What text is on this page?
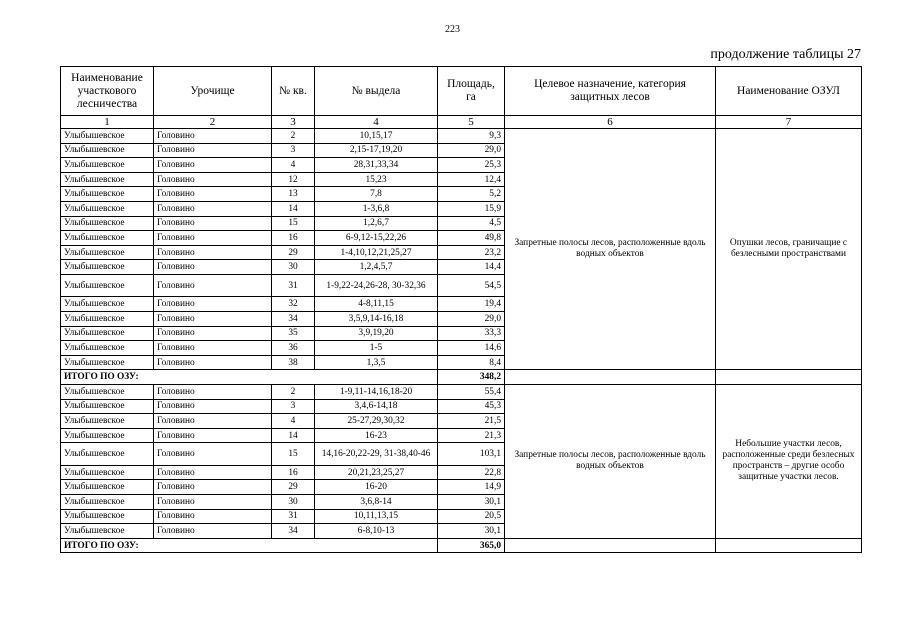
223
продолжение таблицы 27
Наименование участкового лесничества	Урочище	№ кв.	№ выдела	Площадь, га	Целевое назначение, категория защитных лесов	Наименование ОЗУЛ
1	2	3	4	5	6	7
Улыбышевское	Головино	2	10,15,17	9,3	Запретные полосы лесов, расположенные вдоль водных объектов	Опушки лесов, граничащие с безлесными пространствами
Улыбышевское	Головино	3	2,15-17,19,20	29,0		
Улыбышевское	Головино	4	28,31,33,34	25,3		
Улыбышевское	Головино	12	15,23	12,4		
Улыбышевское	Головино	13	7,8	5,2		
Улыбышевское	Головино	14	1-3,6,8	15,9		
Улыбышевское	Головино	15	1,2,6,7	4,5		
Улыбышевское	Головино	16	6-9,12-15,22,26	49,8		
Улыбышевское	Головино	29	1-4,10,12,21,25,27	23,2		
Улыбышевское	Головино	30	1,2,4,5,7	14,4		
Улыбышевское	Головино	31	1-9,22-24,26-28, 30-32,36	54,5		
Улыбышевское	Головино	32	4-8,11,15	19,4		
Улыбышевское	Головино	34	3,5,9,14-16,18	29,0		
Улыбышевское	Головино	35	3,9,19,20	33,3		
Улыбышевское	Головино	36	1-5	14,6		
Улыбышевское	Головино	38	1,3,5	8,4		
ИТОГО ПО ОЗУ:				348,2		
Улыбышевское	Головино	2	1-9,11-14,16,18-20	55,4	Запретные полосы лесов, расположенные вдоль водных объектов	Небольшие участки лесов, расположенные среди безлесных пространств – другие особо защитные участки лесов.
Улыбышевское	Головино	3	3,4,6-14,18	45,3		
Улыбышевское	Головино	4	25-27,29,30,32	21,5		
Улыбышевское	Головино	14	16-23	21,3		
Улыбышевское	Головино	15	14,16-20,22-29, 31-38,40-46	103,1		
Улыбышевское	Головино	16	20,21,23,25,27	22,8		
Улыбышевское	Головино	29	16-20	14,9		
Улыбышевское	Головино	30	3,6,8-14	30,1		
Улыбышевское	Головино	31	10,11,13,15	20,5		
Улыбышевское	Головино	34	6-8,10-13	30,1		
ИТОГО ПО ОЗУ:				365,0		
